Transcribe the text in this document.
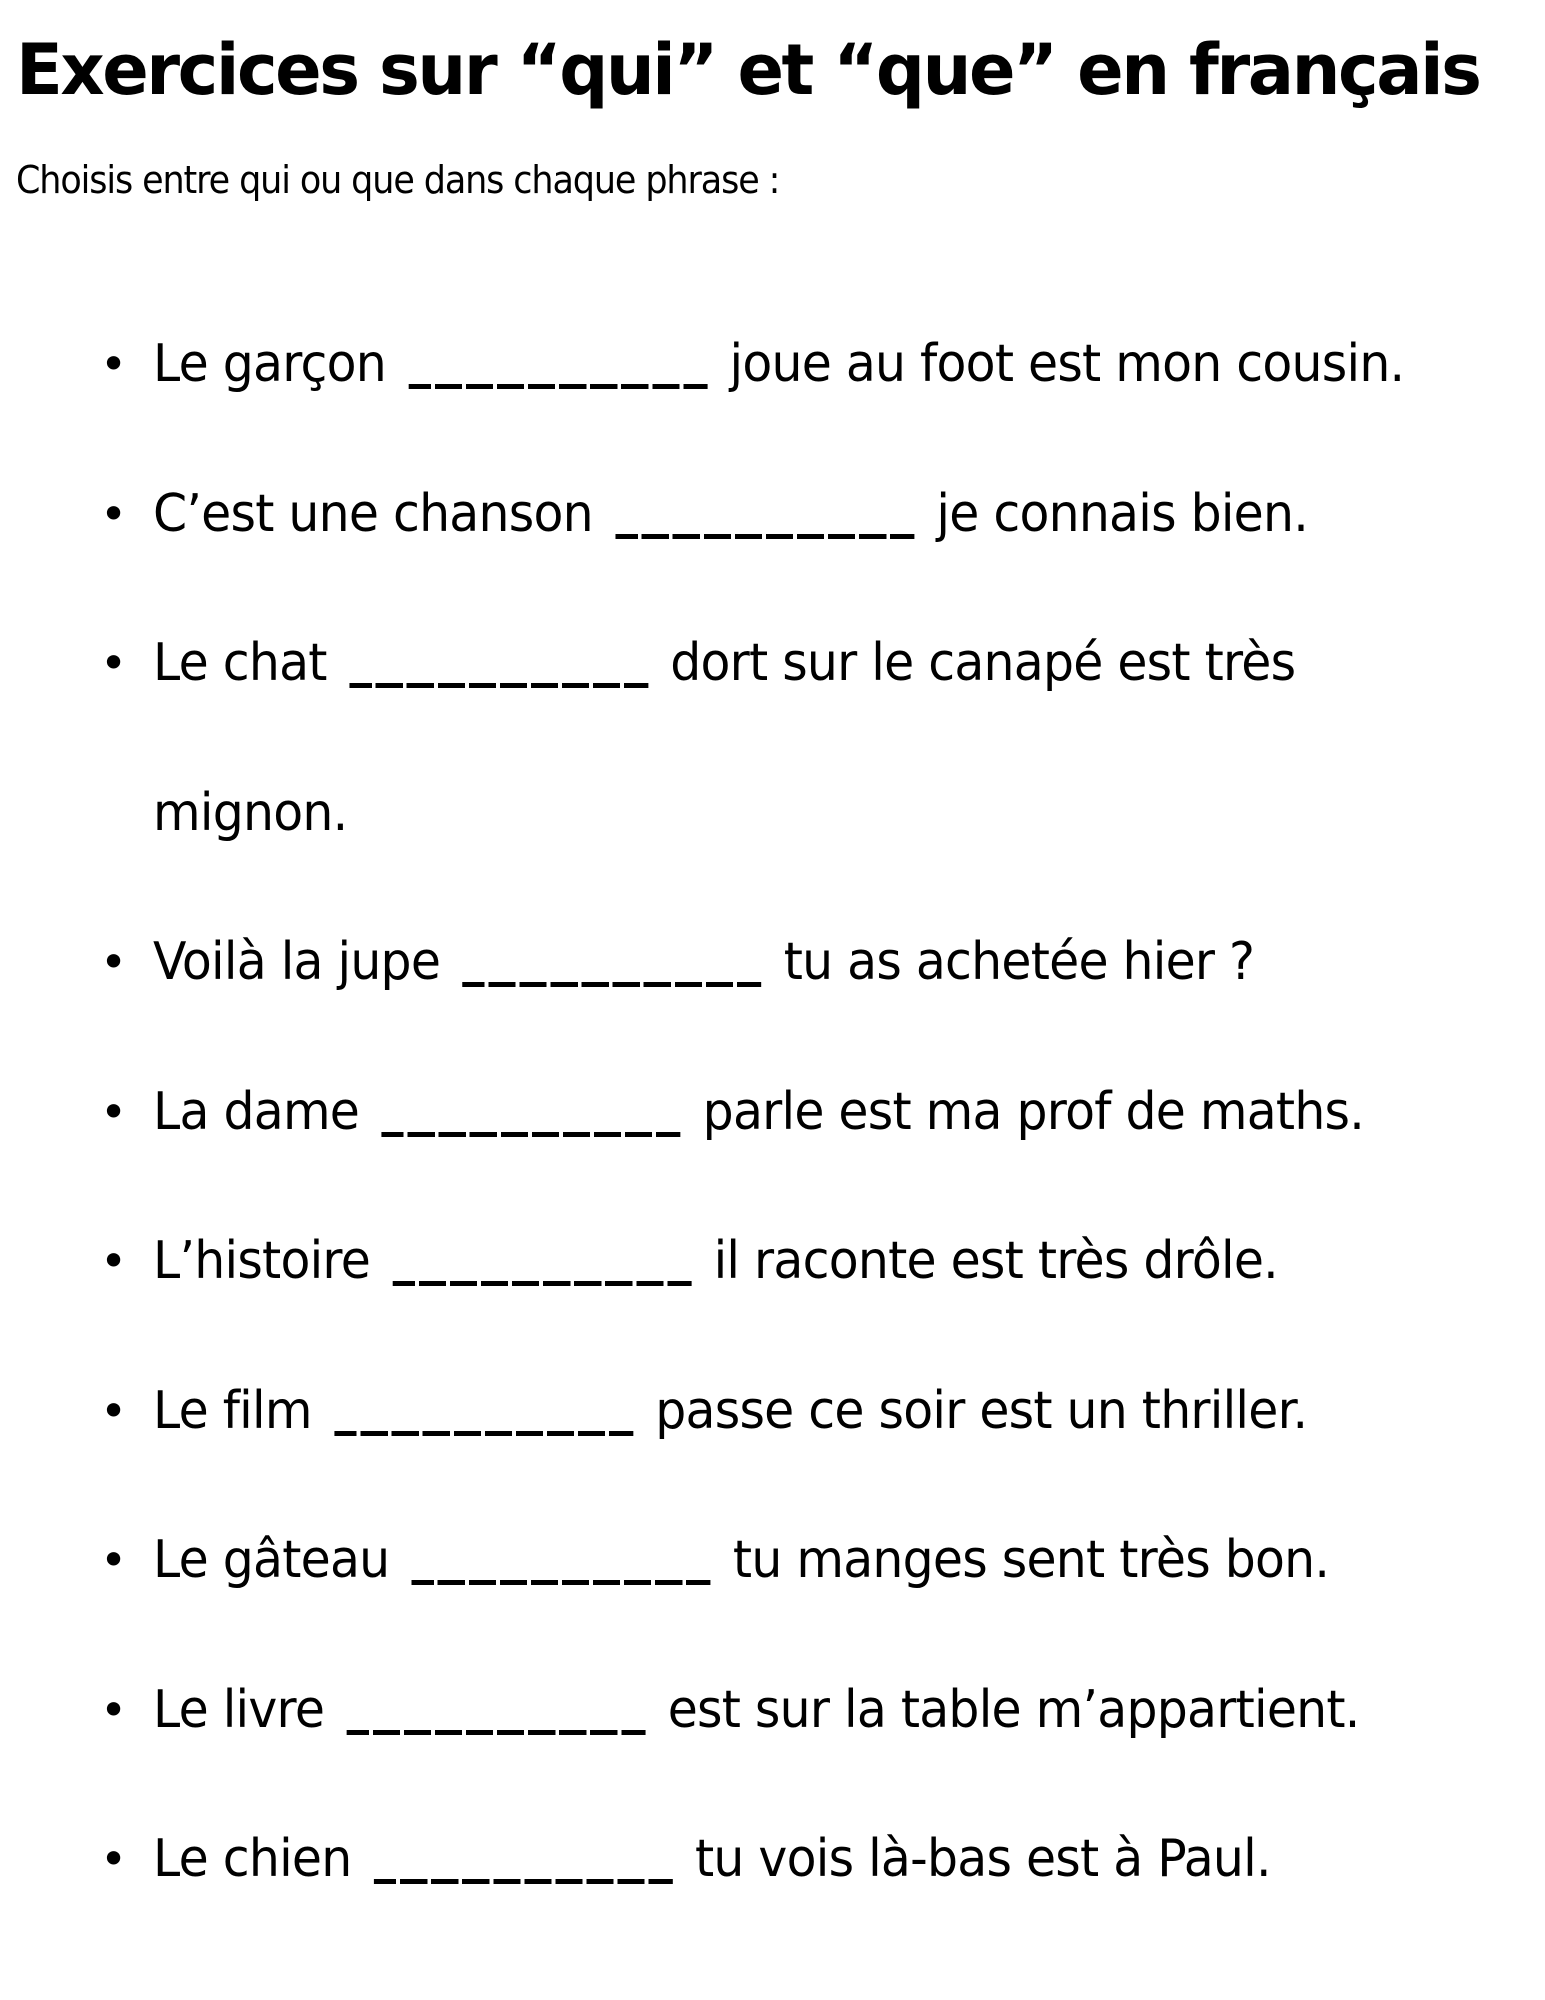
Exercices sur “qui” et “que” en français

Choisis entre qui ou que dans chaque phrase :

• Le garçon	joue au foot est mon cousin.
• C’est une chanson	je connais bien.
• Le chat	dort sur le canapé est très
mignon.
• Voilà la jupe	tu as achetée hier ?
• La dame	parle est ma prof de maths.
• L’histoire	il raconte est très drôle.
• Le film	passe ce soir est un thriller.
• Le gâteau	tu manges sent très bon.
• Le livre	est sur la table m’appartient.
• Le chien	tu vois là-bas est à Paul.
